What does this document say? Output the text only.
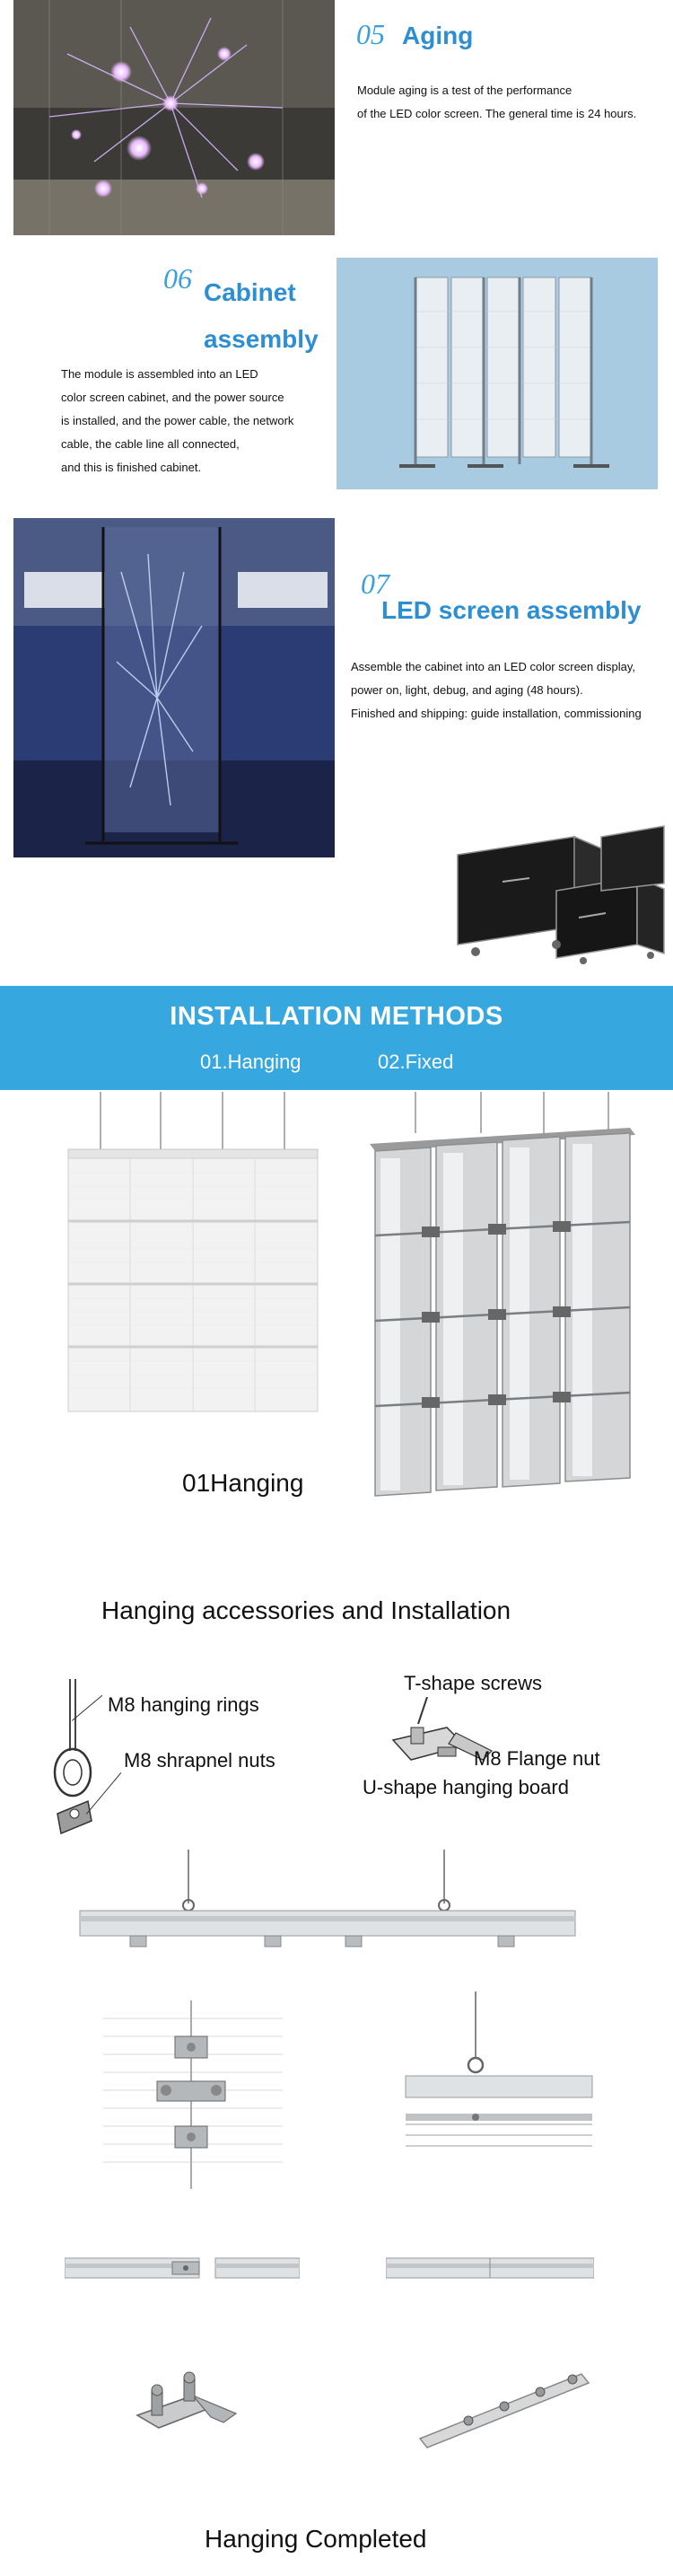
05 Aging
Module aging is a test of the performance
of the LED color screen. The general time is 24 hours.
06 Cabinet
assembly
The module is assembled into an LED
color screen cabinet, and the power source
is installed, and the power cable, the network
cable, the cable line all connected,
and this is finished cabinet.
07
LED screen assembly
Assemble the cabinet into an LED color screen display,
power on, light, debug, and aging (48 hours).
Finished and shipping: guide installation, commissioning
INSTALLATION METHODS
01.Hanging	02.Fixed
01Hanging
Hanging accessories and Installation
M8 hanging rings
M8 shrapnel nuts
T-shape screws
M8 Flange nut
U-shape hanging board
Hanging Completed
